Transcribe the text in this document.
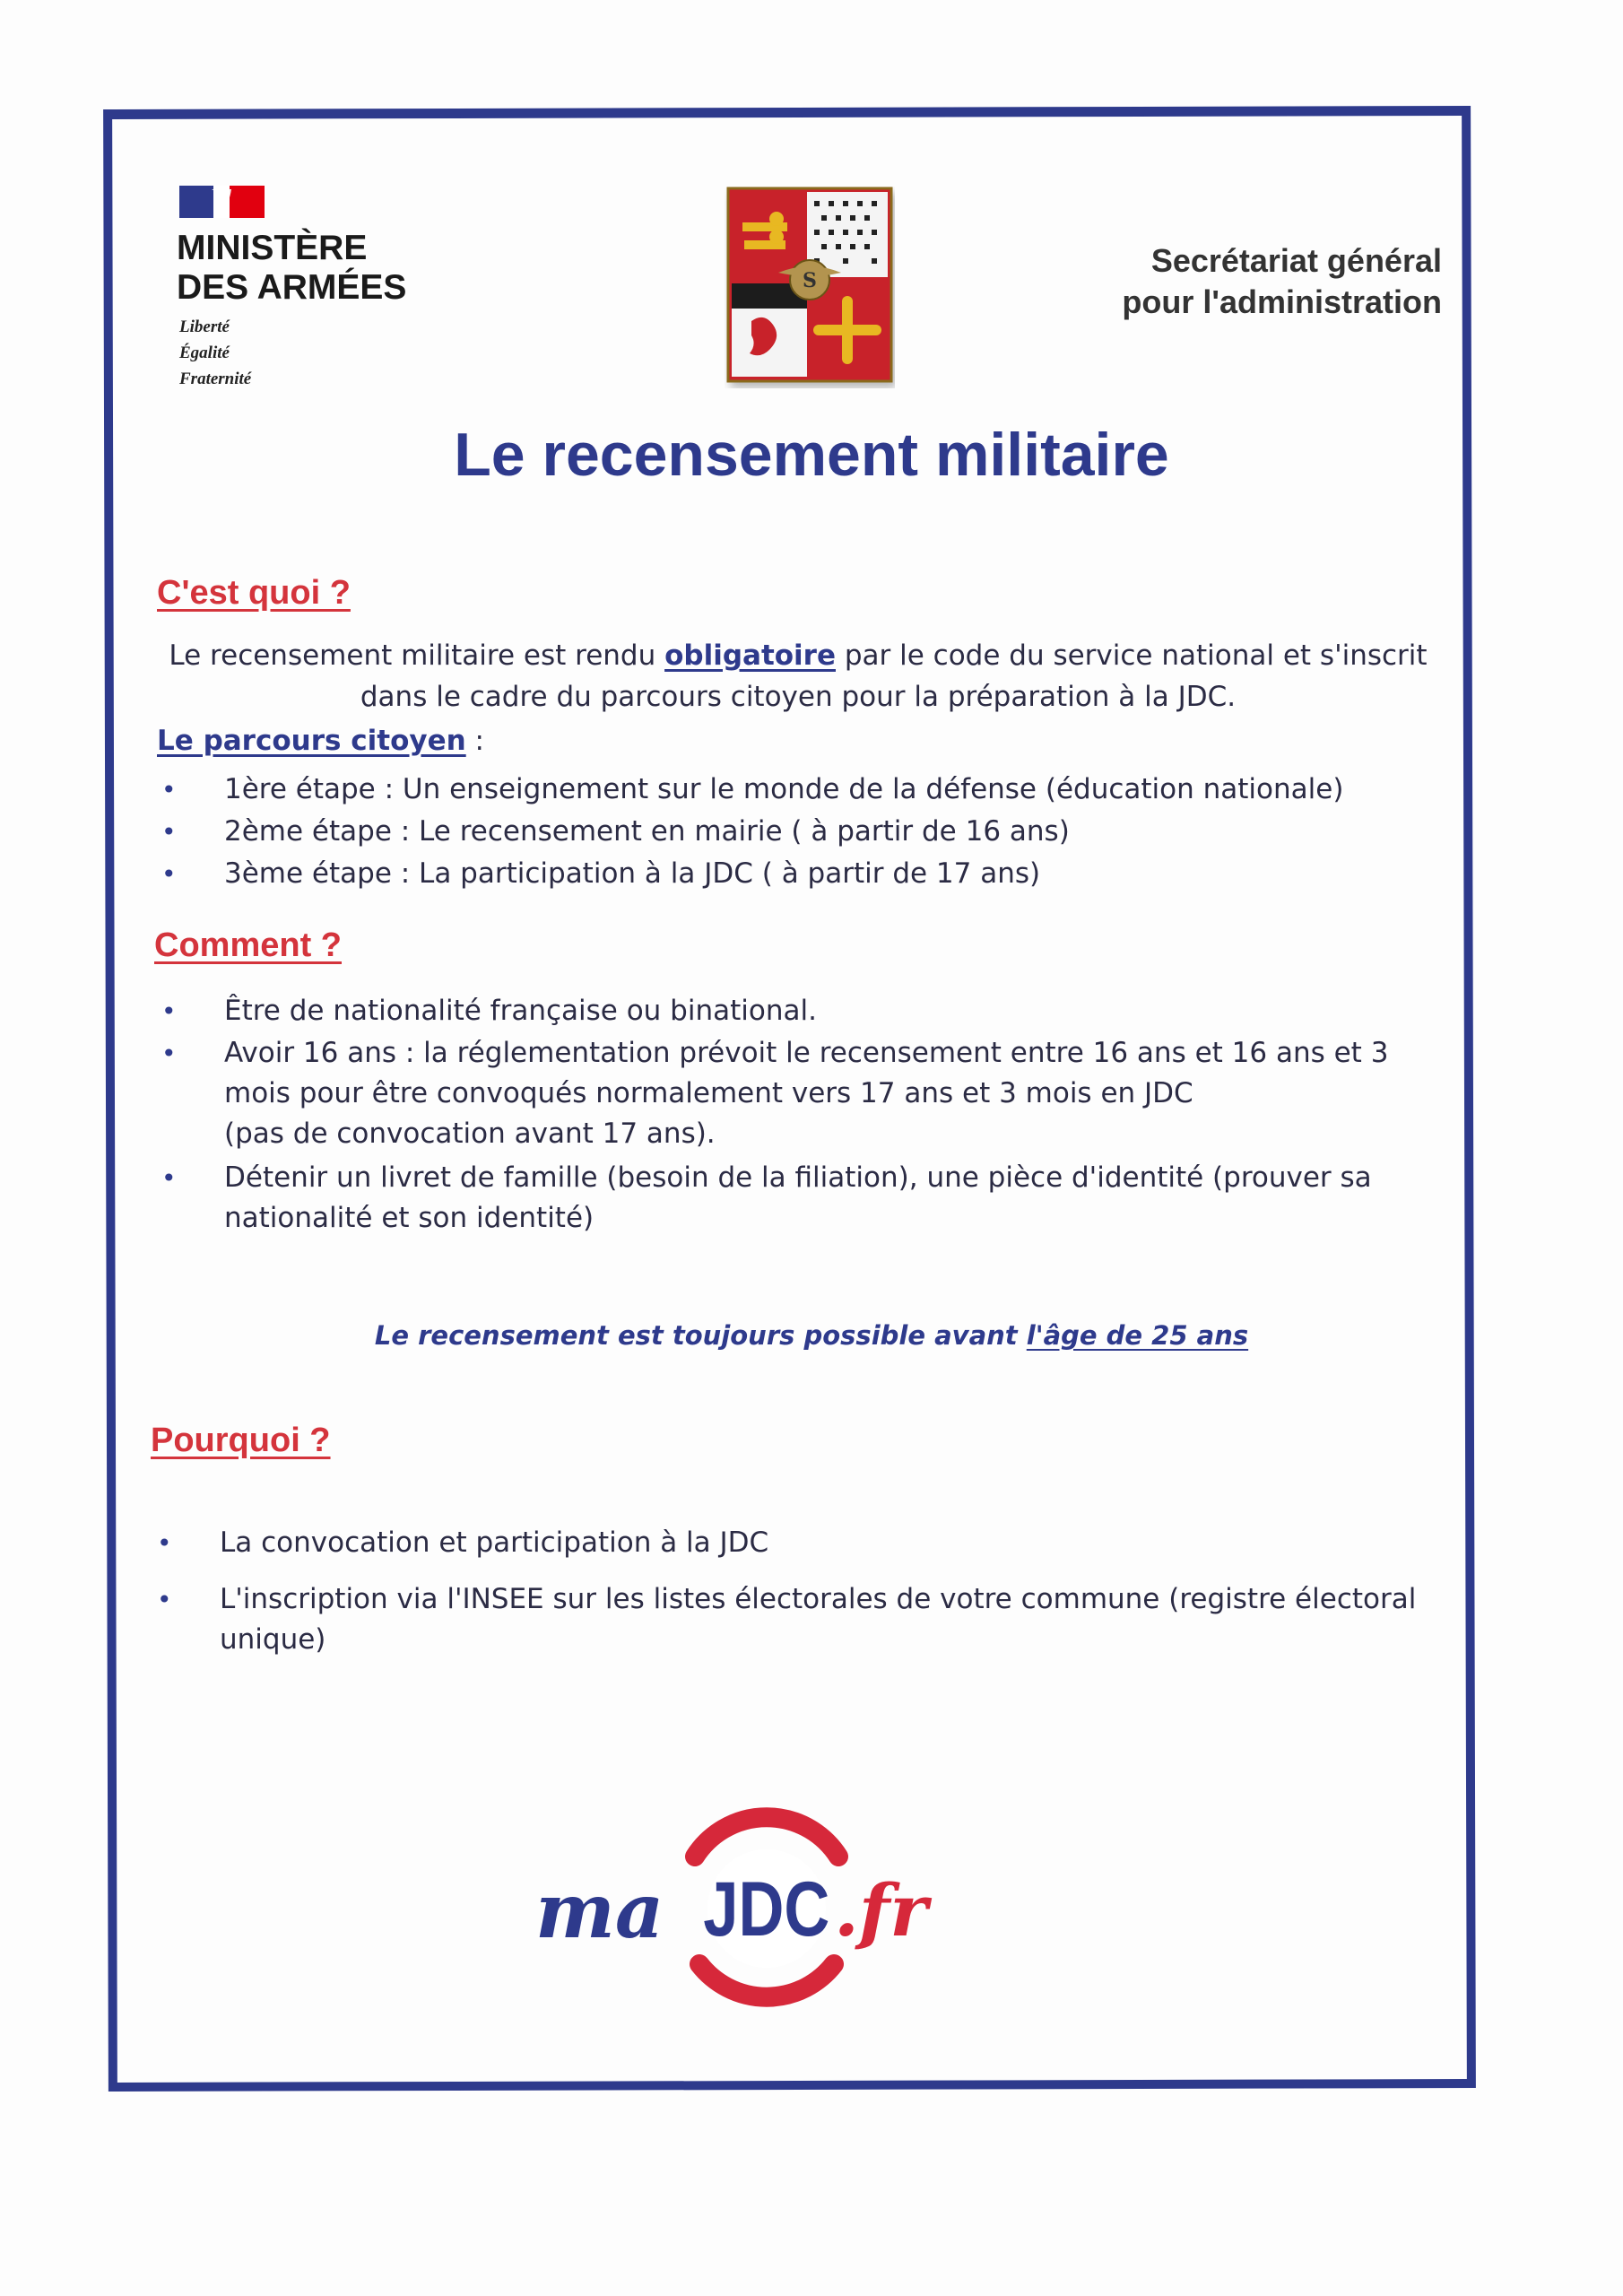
MINISTÈRE
DES ARMÉES
Liberté
Égalité
Fraternité
S
Secrétariat général
pour l'administration
Le recensement militaire
C'est quoi ?
Le recensement militaire est rendu obligatoire par le code du service national et s'inscrit
dans le cadre du parcours citoyen pour la préparation à la JDC.
Le parcours citoyen :
• 1ère étape : Un enseignement sur le monde de la défense (éducation nationale)
• 2ème étape : Le recensement en mairie ( à partir de 16 ans)
• 3ème étape : La participation à la JDC ( à partir de 17 ans)
Comment ?
• Être de nationalité française ou binational.
• Avoir 16 ans : la réglementation prévoit le recensement entre 16 ans et 16 ans et 3
mois pour être convoqués normalement vers 17 ans et 3 mois en JDC
(pas de convocation avant 17 ans).
• Détenir un livret de famille (besoin de la filiation), une pièce d'identité (prouver sa
nationalité et son identité)
Le recensement est toujours possible avant l'âge de 25 ans
Pourquoi ?
• La convocation et participation à la JDC
• L'inscription via l'INSEE sur les listes électorales de votre commune (registre électoral
unique)
ma JDC .fr
